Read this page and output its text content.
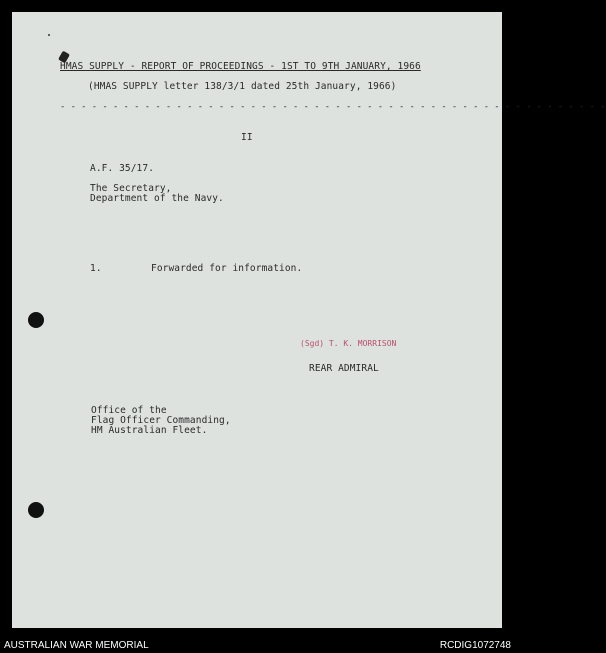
HMAS SUPPLY - REPORT OF PROCEEDINGS - 1ST TO 9TH JANUARY, 1966
(HMAS SUPPLY letter 138/3/1 dated 25th January, 1966)
- - - - - - - - - - - - - - - - - - - - - - - - - - - - - - - - - - - - - - - - - - - - - - - - - - - -
II
A.F. 35/17.
The Secretary,
Department of the Navy.
1.	Forwarded for information.
(Sgd) T. K. MORRISON
REAR ADMIRAL
Office of the
Flag Officer Commanding,
HM Australian Fleet.
AUSTRALIAN WAR MEMORIAL	RCDIG1072748
